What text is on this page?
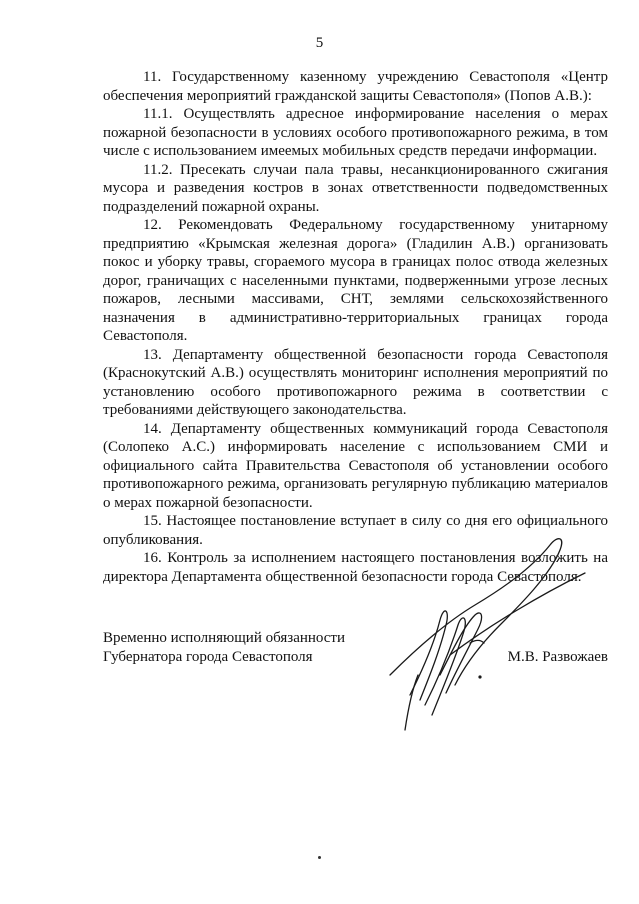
5

11. Государственному казенному учреждению Севастополя «Центр обеспечения мероприятий гражданской защиты Севастополя» (Попов А.В.):

11.1. Осуществлять адресное информирование населения о мерах пожарной безопасности в условиях особого противопожарного режима, в том числе с использованием имеемых мобильных средств передачи информации.

11.2. Пресекать случаи пала травы, несанкционированного сжигания мусора и разведения костров в зонах ответственности подведомственных подразделений пожарной охраны.

12. Рекомендовать Федеральному государственному унитарному предприятию «Крымская железная дорога» (Гладилин А.В.) организовать покос и уборку травы, сгораемого мусора в границах полос отвода железных дорог, граничащих с населенными пунктами, подверженными угрозе лесных пожаров, лесными массивами, СНТ, землями сельскохозяйственного назначения в административно-территориальных границах города Севастополя.

13. Департаменту общественной безопасности города Севастополя (Краснокутский А.В.) осуществлять мониторинг исполнения мероприятий по установлению особого противопожарного режима в соответствии с требованиями действующего законодательства.

14. Департаменту общественных коммуникаций города Севастополя (Солопеко А.С.) информировать население с использованием СМИ и официального сайта Правительства Севастополя об установлении особого противопожарного режима, организовать регулярную публикацию материалов о мерах пожарной безопасности.

15. Настоящее постановление вступает в силу со дня его официального опубликования.

16. Контроль за исполнением настоящего постановления возложить на директора Департамента общественной безопасности города Севастополя.

Временно исполняющий обязанности
Губернатора города Севастополя	М.В. Развожаев
